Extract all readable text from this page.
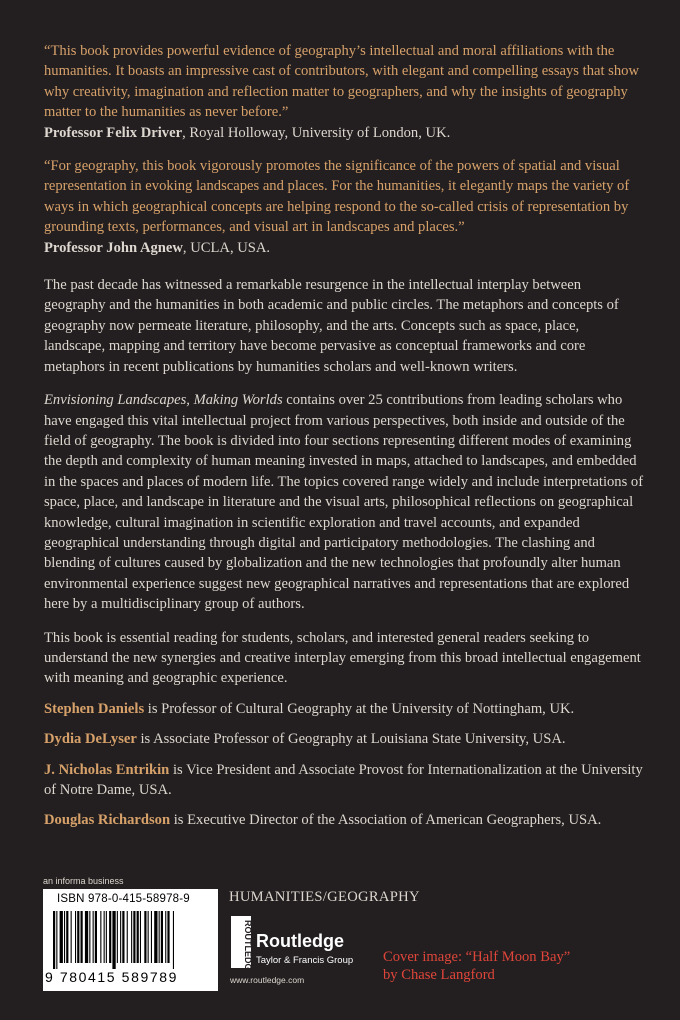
“This book provides powerful evidence of geography’s intellectual and moral affiliations with the humanities. It boasts an impressive cast of contributors, with elegant and compelling essays that show why creativity, imagination and reflection matter to geographers, and why the insights of geography matter to the humanities as never before.”
Professor Felix Driver, Royal Holloway, University of London, UK.

“For geography, this book vigorously promotes the significance of the powers of spatial and visual representation in evoking landscapes and places. For the humanities, it elegantly maps the variety of ways in which geographical concepts are helping respond to the so-called crisis of representation by grounding texts, performances, and visual art in landscapes and places.”
Professor John Agnew, UCLA, USA.

The past decade has witnessed a remarkable resurgence in the intellectual interplay between geography and the humanities in both academic and public circles. The metaphors and concepts of geography now permeate literature, philosophy, and the arts. Concepts such as space, place, landscape, mapping and territory have become pervasive as conceptual frameworks and core metaphors in recent publications by humanities scholars and well-known writers.

Envisioning Landscapes, Making Worlds contains over 25 contributions from leading scholars who have engaged this vital intellectual project from various perspectives, both inside and outside of the field of geography. The book is divided into four sections representing different modes of examining the depth and complexity of human meaning invested in maps, attached to landscapes, and embedded in the spaces and places of modern life. The topics covered range widely and include interpretations of space, place, and landscape in literature and the visual arts, philosophical reflections on geographical knowledge, cultural imagination in scientific exploration and travel accounts, and expanded geographical understanding through digital and participatory methodologies. The clashing and blending of cultures caused by globalization and the new technologies that profoundly alter human environmental experience suggest new geographical narratives and representations that are explored here by a multidisciplinary group of authors.

This book is essential reading for students, scholars, and interested general readers seeking to understand the new synergies and creative interplay emerging from this broad intellectual engagement with meaning and geographic experience.

Stephen Daniels is Professor of Cultural Geography at the University of Nottingham, UK.

Dydia DeLyser is Associate Professor of Geography at Louisiana State University, USA.

J. Nicholas Entrikin is Vice President and Associate Provost for Internationalization at the University of Notre Dame, USA.

Douglas Richardson is Executive Director of the Association of American Geographers, USA.

an informa business
ISBN 978-0-415-58978-9
9 780415 589789
HUMANITIES/GEOGRAPHY
ROUTLEDGE Routledge
Taylor & Francis Group
www.routledge.com
Cover image: “Half Moon Bay”
by Chase Langford
